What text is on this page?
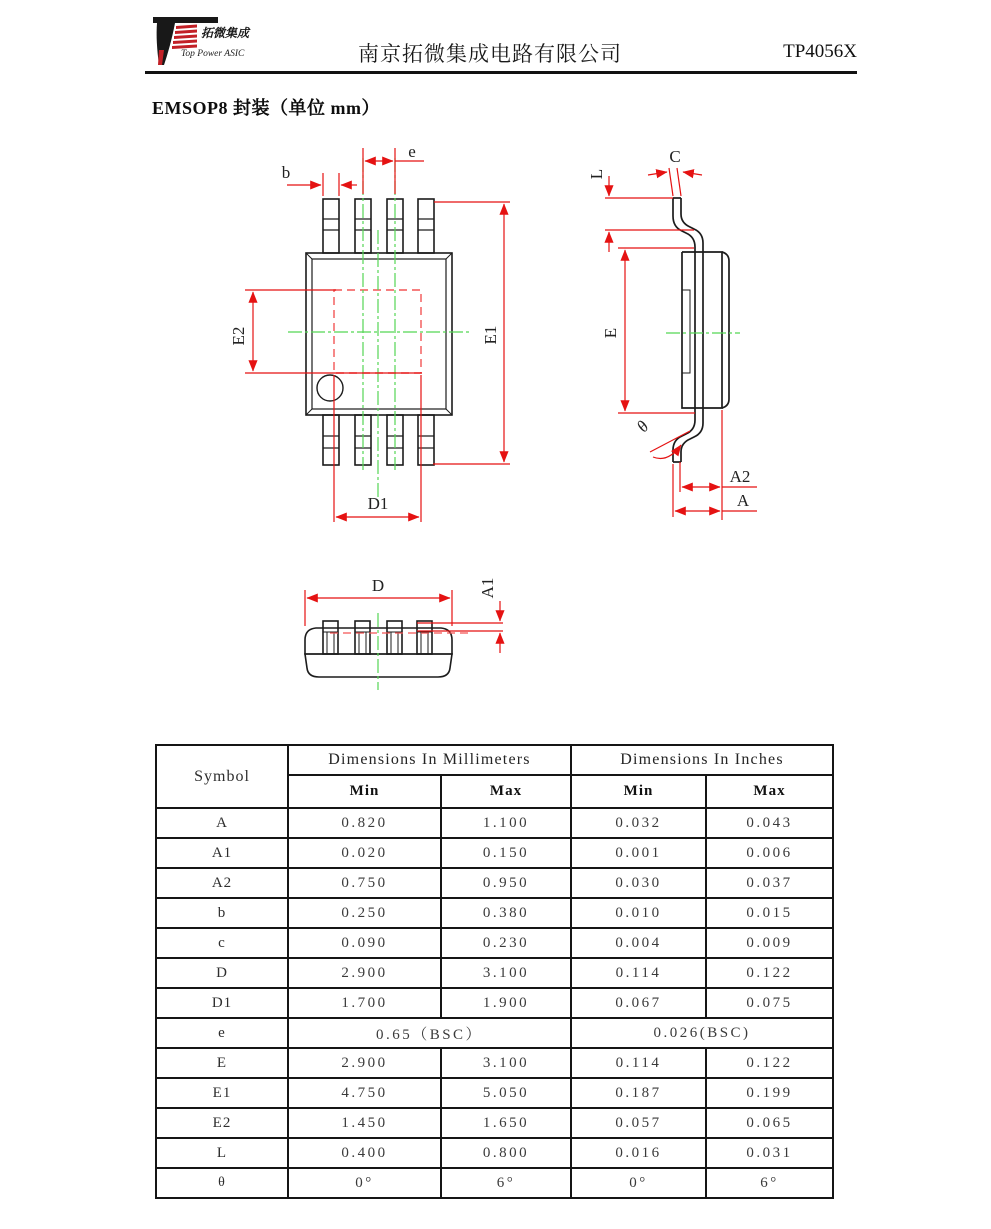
拓微集成
Top Power ASIC	南京拓微集成电路有限公司	TP4056X
EMSOP8 封装（单位 mm）
b
e
E1
E2
D1
L
C
E
θ
A2
A
D	A1
Symbol	Dimensions In Millimeters		Dimensions In Inches	
	Min	Max	Min	Max
A	0.820	1.100	0.032	0.043
A1	0.020	0.150	0.001	0.006
A2	0.750	0.950	0.030	0.037
b	0.250	0.380	0.010	0.015
c	0.090	0.230	0.004	0.009
D	2.900	3.100	0.114	0.122
D1	1.700	1.900	0.067	0.075
e	0.65（BSC）		0.026(BSC)	
E	2.900	3.100	0.114	0.122
E1	4.750	5.050	0.187	0.199
E2	1.450	1.650	0.057	0.065
L	0.400	0.800	0.016	0.031
θ	0°	6°	0°	6°
